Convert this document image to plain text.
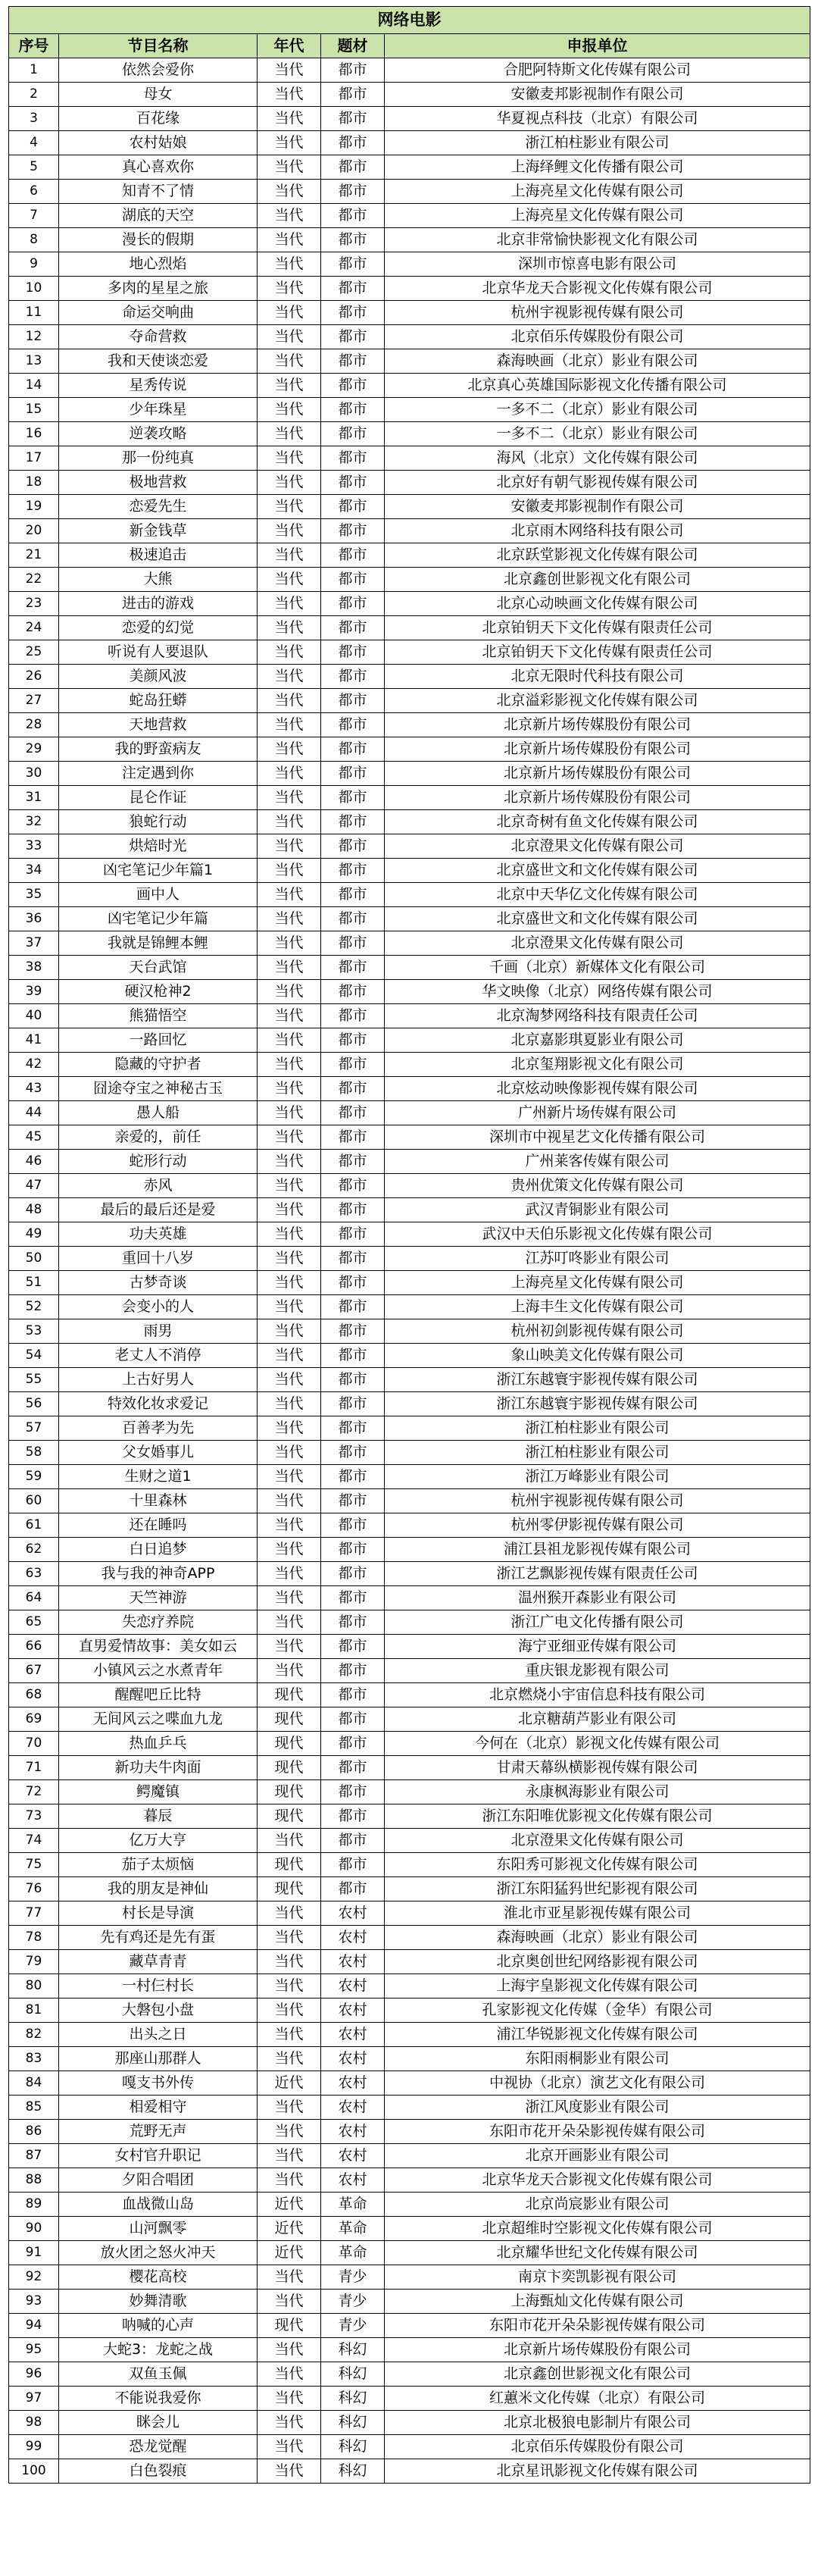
网络电影				
序号	节目名称	年代	题材	申报单位
1	依然会爱你	当代	都市	合肥阿特斯文化传媒有限公司
2	母女	当代	都市	安徽麦邦影视制作有限公司
3	百花缘	当代	都市	华夏视点科技（北京）有限公司
4	农村姑娘	当代	都市	浙江柏柱影业有限公司
5	真心喜欢你	当代	都市	上海绎鲤文化传播有限公司
6	知青不了情	当代	都市	上海亮星文化传媒有限公司
7	湖底的天空	当代	都市	上海亮星文化传媒有限公司
8	漫长的假期	当代	都市	北京非常愉快影视文化有限公司
9	地心烈焰	当代	都市	深圳市惊喜电影有限公司
10	多肉的星星之旅	当代	都市	北京华龙天合影视文化传媒有限公司
11	命运交响曲	当代	都市	杭州宇视影视传媒有限公司
12	夺命营救	当代	都市	北京佰乐传媒股份有限公司
13	我和天使谈恋爱	当代	都市	森海映画（北京）影业有限公司
14	星秀传说	当代	都市	北京真心英雄国际影视文化传播有限公司
15	少年珠星	当代	都市	一多不二（北京）影业有限公司
16	逆袭攻略	当代	都市	一多不二（北京）影业有限公司
17	那一份纯真	当代	都市	海风（北京）文化传媒有限公司
18	极地营救	当代	都市	北京好有朝气影视传媒有限公司
19	恋爱先生	当代	都市	安徽麦邦影视制作有限公司
20	新金钱草	当代	都市	北京雨木网络科技有限公司
21	极速追击	当代	都市	北京跃堂影视文化传媒有限公司
22	大熊	当代	都市	北京鑫创世影视文化有限公司
23	进击的游戏	当代	都市	北京心动映画文化传媒有限公司
24	恋爱的幻觉	当代	都市	北京铂钥天下文化传媒有限责任公司
25	听说有人要退队	当代	都市	北京铂钥天下文化传媒有限责任公司
26	美颜风波	当代	都市	北京无限时代科技有限公司
27	蛇岛狂蟒	当代	都市	北京溢彩影视文化传媒有限公司
28	天地营救	当代	都市	北京新片场传媒股份有限公司
29	我的野蛮病友	当代	都市	北京新片场传媒股份有限公司
30	注定遇到你	当代	都市	北京新片场传媒股份有限公司
31	昆仑作证	当代	都市	北京新片场传媒股份有限公司
32	狼蛇行动	当代	都市	北京奇树有鱼文化传媒有限公司
33	烘焙时光	当代	都市	北京澄果文化传媒有限公司
34	凶宅笔记少年篇1	当代	都市	北京盛世文和文化传媒有限公司
35	画中人	当代	都市	北京中天华亿文化传媒有限公司
36	凶宅笔记少年篇	当代	都市	北京盛世文和文化传媒有限公司
37	我就是锦鲤本鲤	当代	都市	北京澄果文化传媒有限公司
38	天台武馆	当代	都市	千画（北京）新媒体文化有限公司
39	硬汉枪神2	当代	都市	华文映像（北京）网络传媒有限公司
40	熊猫悟空	当代	都市	北京淘梦网络科技有限责任公司
41	一路回忆	当代	都市	北京嘉影琪夏影业有限公司
42	隐藏的守护者	当代	都市	北京玺翔影视文化有限公司
43	囧途夺宝之神秘古玉	当代	都市	北京炫动映像影视传媒有限公司
44	愚人船	当代	都市	广州新片场传媒有限公司
45	亲爱的，前任	当代	都市	深圳市中视星艺文化传播有限公司
46	蛇形行动	当代	都市	广州莱客传媒有限公司
47	赤风	当代	都市	贵州优策文化传媒有限公司
48	最后的最后还是爱	当代	都市	武汉青铜影业有限公司
49	功夫英雄	当代	都市	武汉中天伯乐影视文化传媒有限公司
50	重回十八岁	当代	都市	江苏叮咚影业有限公司
51	古梦奇谈	当代	都市	上海亮星文化传媒有限公司
52	会变小的人	当代	都市	上海丰生文化传媒有限公司
53	雨男	当代	都市	杭州初剑影视传媒有限公司
54	老丈人不消停	当代	都市	象山映美文化传媒有限公司
55	上古好男人	当代	都市	浙江东越寰宇影视传媒有限公司
56	特效化妆求爱记	当代	都市	浙江东越寰宇影视传媒有限公司
57	百善孝为先	当代	都市	浙江柏柱影业有限公司
58	父女婚事儿	当代	都市	浙江柏柱影业有限公司
59	生财之道1	当代	都市	浙江万峰影业有限公司
60	十里森林	当代	都市	杭州宇视影视传媒有限公司
61	还在睡吗	当代	都市	杭州零伊影视传媒有限公司
62	白日追梦	当代	都市	浦江县祖龙影视传媒有限公司
63	我与我的神奇APP	当代	都市	浙江艺飘影视传媒有限责任公司
64	天竺神游	当代	都市	温州猴开森影业有限公司
65	失恋疗养院	当代	都市	浙江广电文化传播有限公司
66	直男爱情故事：美女如云	当代	都市	海宁亚细亚传媒有限公司
67	小镇风云之水煮青年	当代	都市	重庆银龙影视有限公司
68	醒醒吧丘比特	现代	都市	北京燃烧小宇宙信息科技有限公司
69	无间风云之喋血九龙	现代	都市	北京糖葫芦影业有限公司
70	热血乒乓	现代	都市	今何在（北京）影视文化传媒有限公司
71	新功夫牛肉面	现代	都市	甘肃天幕纵横影视传媒有限公司
72	鳄魔镇	现代	都市	永康枫海影业有限公司
73	暮辰	现代	都市	浙江东阳唯优影视文化传媒有限公司
74	亿万大亨	当代	都市	北京澄果文化传媒有限公司
75	茄子太烦恼	现代	都市	东阳秀可影视文化传媒有限公司
76	我的朋友是神仙	现代	都市	浙江东阳猛犸世纪影视有限公司
77	村长是导演	当代	农村	淮北市亚星影视传媒有限公司
78	先有鸡还是先有蛋	当代	农村	森海映画（北京）影业有限公司
79	藏草青青	当代	农村	北京奥创世纪网络影视有限公司
80	一村仨村长	当代	农村	上海宇皇影视文化传媒有限公司
81	大磐包小盘	当代	农村	孔家影视文化传媒（金华）有限公司
82	出头之日	当代	农村	浦江华锐影视文化传媒有限公司
83	那座山那群人	当代	农村	东阳雨桐影业有限公司
84	嘎支书外传	近代	农村	中视协（北京）演艺文化有限公司
85	相爱相守	当代	农村	浙江风度影业有限公司
86	荒野无声	当代	农村	东阳市花开朵朵影视传媒有限公司
87	女村官升职记	当代	农村	北京开画影业有限公司
88	夕阳合唱团	当代	农村	北京华龙天合影视文化传媒有限公司
89	血战微山岛	近代	革命	北京尚宸影业有限公司
90	山河飘零	近代	革命	北京超维时空影视文化传媒有限公司
91	放火团之怒火冲天	近代	革命	北京耀华世纪文化传媒有限公司
92	樱花高校	当代	青少	南京卞奕凯影视有限公司
93	妙舞清歌	当代	青少	上海甄灿文化传媒有限公司
94	呐喊的心声	现代	青少	东阳市花开朵朵影视传媒有限公司
95	大蛇3：龙蛇之战	当代	科幻	北京新片场传媒股份有限公司
96	双鱼玉佩	当代	科幻	北京鑫创世影视文化有限公司
97	不能说我爱你	当代	科幻	红蕙米文化传媒（北京）有限公司
98	眯会儿	当代	科幻	北京北极狼电影制片有限公司
99	恐龙觉醒	当代	科幻	北京佰乐传媒股份有限公司
100	白色裂痕	当代	科幻	北京星讯影视文化传媒有限公司
